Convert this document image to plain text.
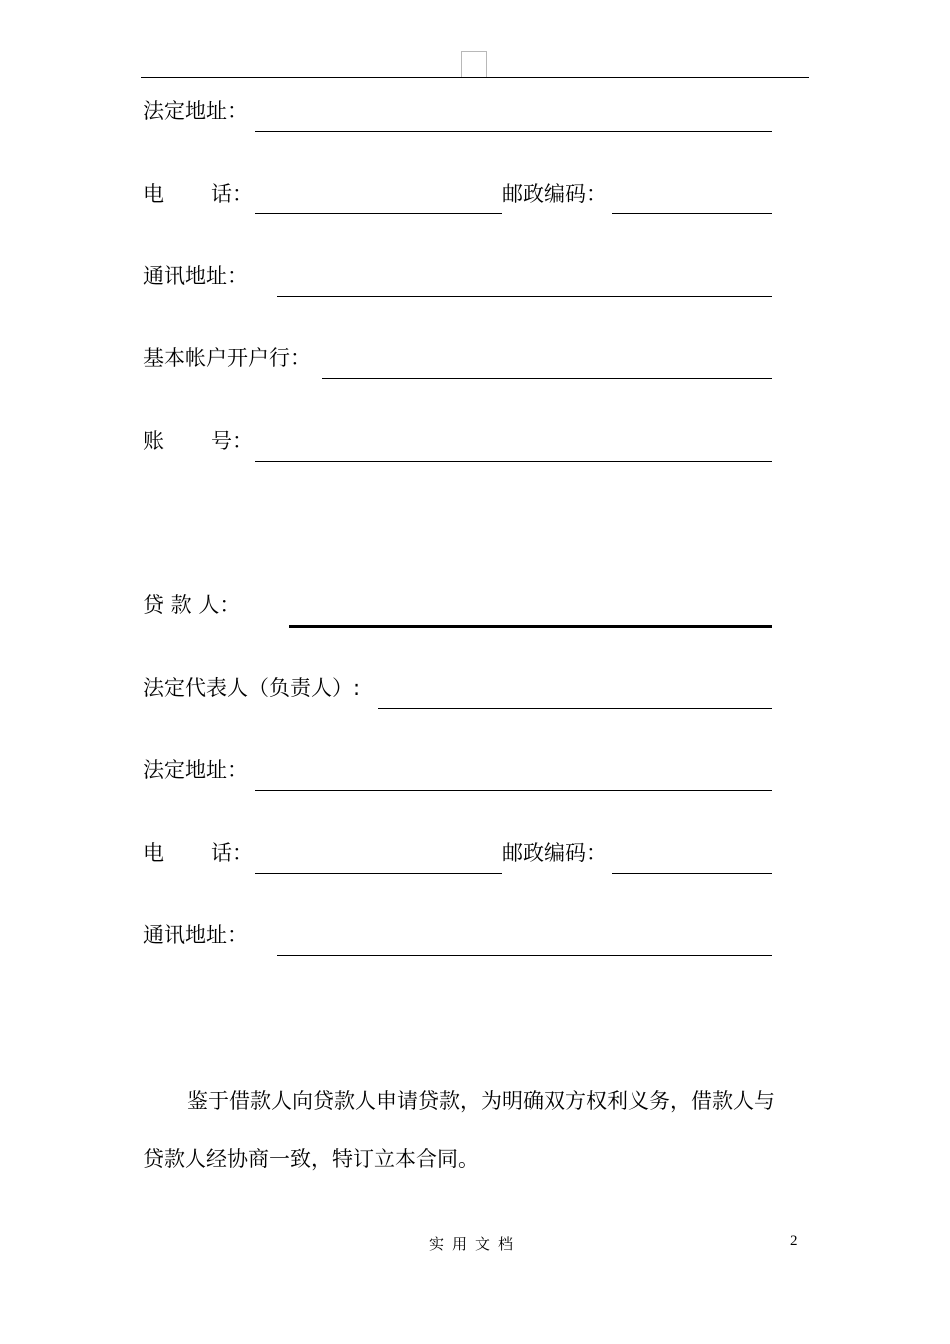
法定地址：
电 话：	邮政编码：
通讯地址：
基本帐户开户行：
账 号：
贷 款 人：
法定代表人（负责人）:
法定地址：
电 话：	邮政编码：
通讯地址：
鉴于借款人向贷款人申请贷款，为明确双方权利义务，借款人与
贷款人经协商一致，特订立本合同。
实用文档	2
